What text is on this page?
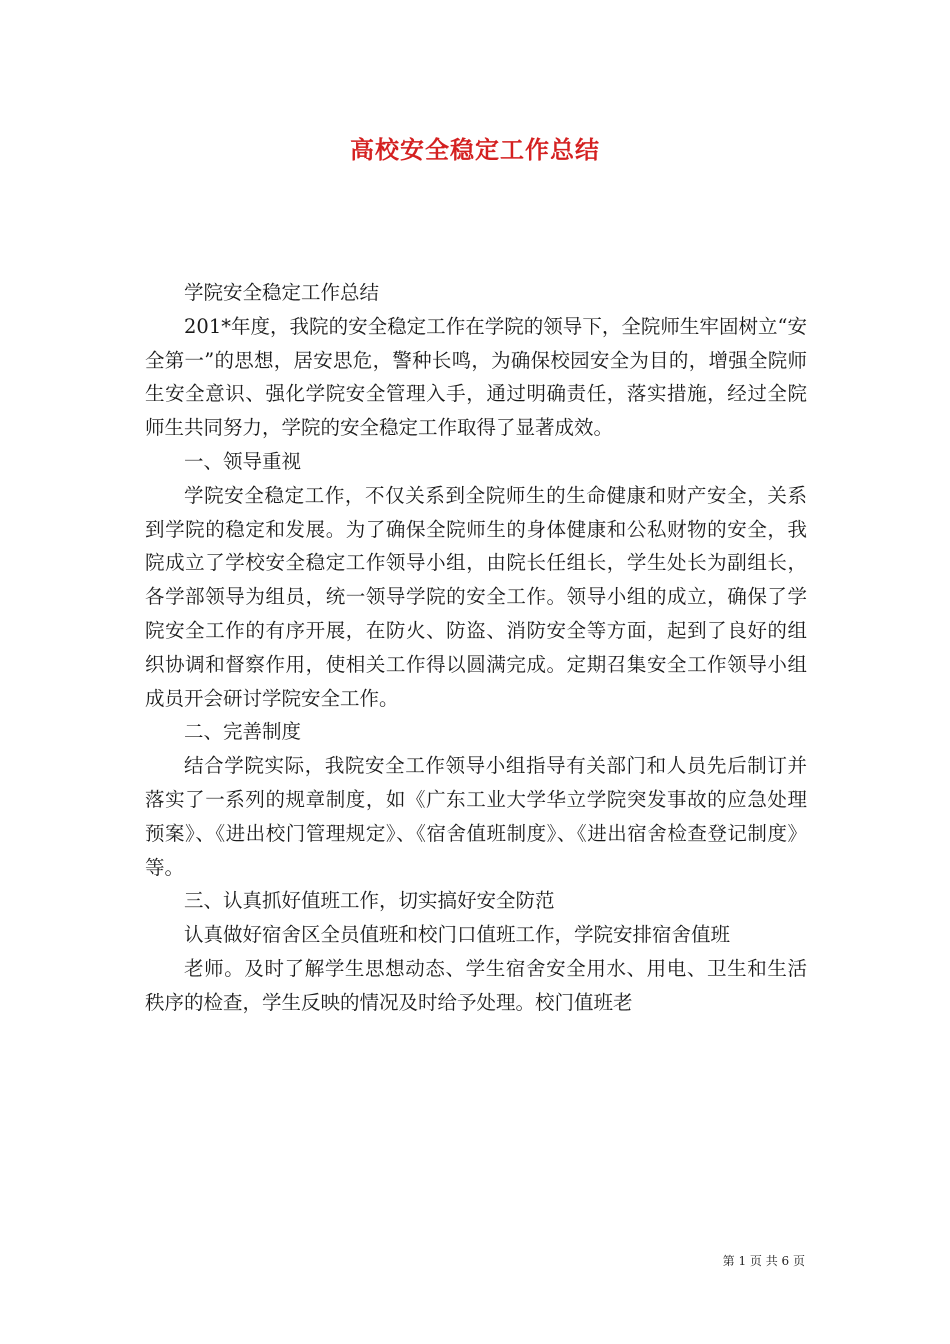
高校安全稳定工作总结

学院安全稳定工作总结

201*年度，我院的安全稳定工作在学院的领导下，全院师生牢固树立“安全第一”的思想，居安思危，警种长鸣，为确保校园安全为目的，增强全院师生安全意识、强化学院安全管理入手，通过明确责任，落实措施，经过全院师生共同努力，学院的安全稳定工作取得了显著成效。

一、领导重视

学院安全稳定工作，不仅关系到全院师生的生命健康和财产安全，关系到学院的稳定和发展。为了确保全院师生的身体健康和公私财物的安全，我院成立了学校安全稳定工作领导小组，由院长任组长，学生处长为副组长，各学部领导为组员，统一领导学院的安全工作。领导小组的成立，确保了学院安全工作的有序开展，在防火、防盗、消防安全等方面，起到了良好的组织协调和督察作用，使相关工作得以圆满完成。定期召集安全工作领导小组成员开会研讨学院安全工作。

二、完善制度

结合学院实际，我院安全工作领导小组指导有关部门和人员先后制订并落实了一系列的规章制度，如《广东工业大学华立学院突发事故的应急处理预案》、《进出校门管理规定》、《宿舍值班制度》、《进出宿舍检查登记制度》等。

三、认真抓好值班工作，切实搞好安全防范

认真做好宿舍区全员值班和校门口值班工作，学院安排宿舍值班

老师。及时了解学生思想动态、学生宿舍安全用水、用电、卫生和生活秩序的检查，学生反映的情况及时给予处理。校门值班老

第 1 页 共 6 页
